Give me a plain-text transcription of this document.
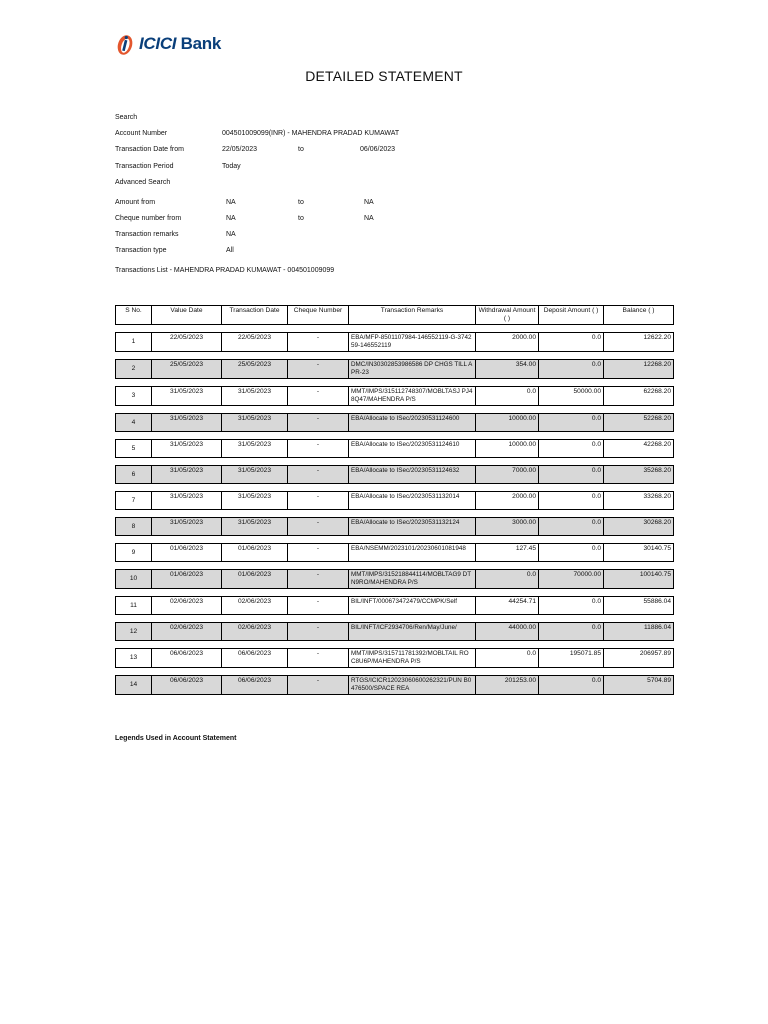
ICICI Bank
DETAILED STATEMENT
Search
Account Number	004501009099(INR) - MAHENDRA PRADAD KUMAWAT
Transaction Date from	22/05/2023	to	06/06/2023
Transaction Period	Today
Advanced Search
Amount from	NA	to	NA
Cheque number from	NA	to	NA
Transaction remarks	NA
Transaction type	All
Transactions List - MAHENDRA PRADAD KUMAWAT - 004501009099
S No.	Value Date	Transaction Date	Cheque Number	Transaction Remarks	Withdrawal Amount ( )	Deposit Amount ( )	Balance ( )
1	22/05/2023	22/05/2023	-	EBA/MFP-8501107984-146552119-G-374259-146552119	2000.00	0.0	12622.20
2	25/05/2023	25/05/2023	-	DMC/IN30302853986586 DP CHGS TILL APR-23	354.00	0.0	12268.20
3	31/05/2023	31/05/2023	-	MMT/IMPS/315112748307/MOBLTASJ PJ48Q47/MAHENDRA P/S	0.0	50000.00	62268.20
4	31/05/2023	31/05/2023	-	EBA/Allocate to ISec/20230531124600	10000.00	0.0	52268.20
5	31/05/2023	31/05/2023	-	EBA/Allocate to ISec/20230531124610	10000.00	0.0	42268.20
6	31/05/2023	31/05/2023	-	EBA/Allocate to ISec/20230531124632	7000.00	0.0	35268.20
7	31/05/2023	31/05/2023	-	EBA/Allocate to ISec/20230531132014	2000.00	0.0	33268.20
8	31/05/2023	31/05/2023	-	EBA/Allocate to ISec/20230531132124	3000.00	0.0	30268.20
9	01/06/2023	01/06/2023	-	EBA/NSEMM/2023101/20230601081948	127.45	0.0	30140.75
10	01/06/2023	01/06/2023	-	MMT/IMPS/315218844114/MOBLTAG9 DTN9RO/MAHENDRA P/S	0.0	70000.00	100140.75
11	02/06/2023	02/06/2023	-	BIL/INFT/000673472479/CCMPK/Self	44254.71	0.0	55886.04
12	02/06/2023	02/06/2023	-	BIL/INFT/ICF2934706/Ren/May/June/	44000.00	0.0	11886.04
13	06/06/2023	06/06/2023	-	MMT/IMPS/315711781392/MOBLTAIL ROC8U6P/MAHENDRA P/S	0.0	195071.85	206957.89
14	06/06/2023	06/06/2023	-	RTGS/ICICR12023060600262321/PUN B0476500/SPACE REA	201253.00	0.0	5704.89
Legends Used in Account Statement
